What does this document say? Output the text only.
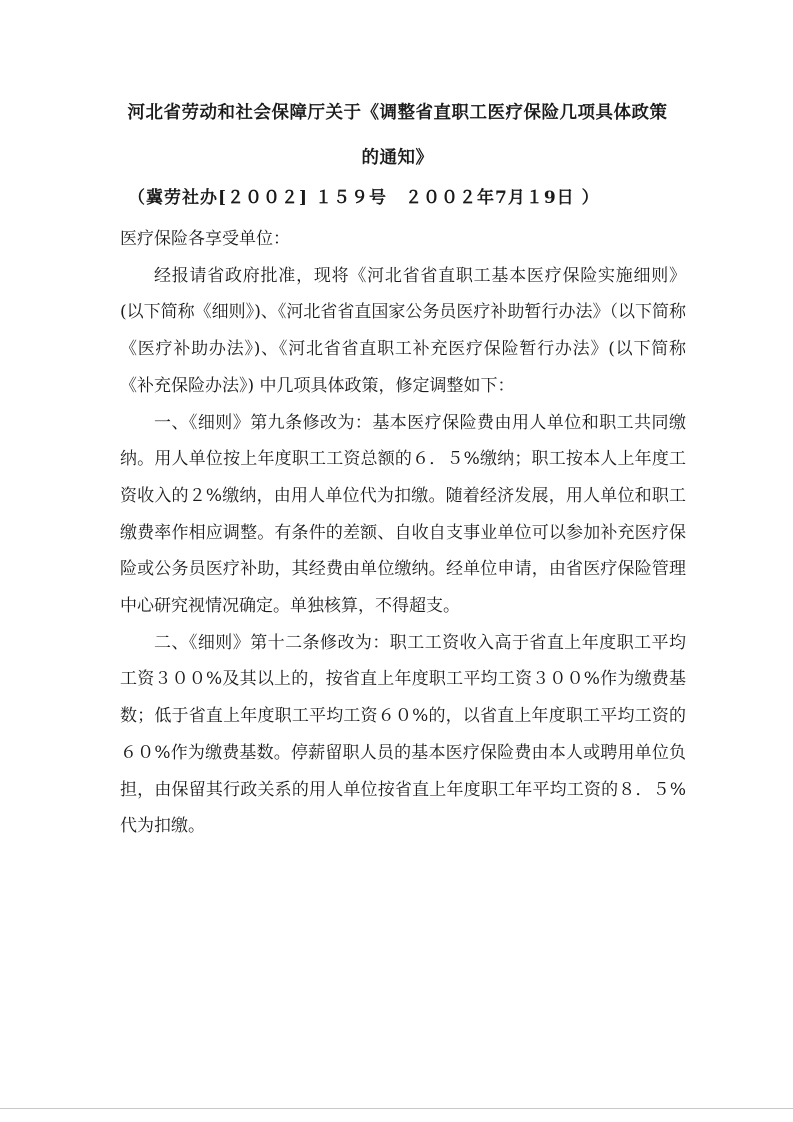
河北省劳动和社会保障厅关于《调整省直职工医疗保险几项具体政策
的通知》
（冀劳社办[２００２] １５９号　２００２年7月１9日 ）

医疗保险各享受单位：

经报请省政府批准，现将《河北省省直职工基本医疗保险实施细则》(以下简称《细则》)、《河北省省直国家公务员医疗补助暂行办法》（以下简称《医疗补助办法》)、《河北省省直职工补充医疗保险暂行办法》(以下简称《补充保险办法》) 中几项具体政策，修定调整如下：

一、《细则》第九条修改为：基本医疗保险费由用人单位和职工共同缴纳。用人单位按上年度职工工资总额的６．５%缴纳；职工按本人上年度工资收入的２%缴纳，由用人单位代为扣缴。随着经济发展，用人单位和职工缴费率作相应调整。有条件的差额、自收自支事业单位可以参加补充医疗保险或公务员医疗补助，其经费由单位缴纳。经单位申请，由省医疗保险管理中心研究视情况确定。单独核算，不得超支。

二、《细则》第十二条修改为：职工工资收入高于省直上年度职工平均工资３００%及其以上的，按省直上年度职工平均工资３００%作为缴费基数；低于省直上年度职工平均工资６０%的，以省直上年度职工平均工资的６０%作为缴费基数。停薪留职人员的基本医疗保险费由本人或聘用单位负担，由保留其行政关系的用人单位按省直上年度职工年平均工资的８．５%代为扣缴。
